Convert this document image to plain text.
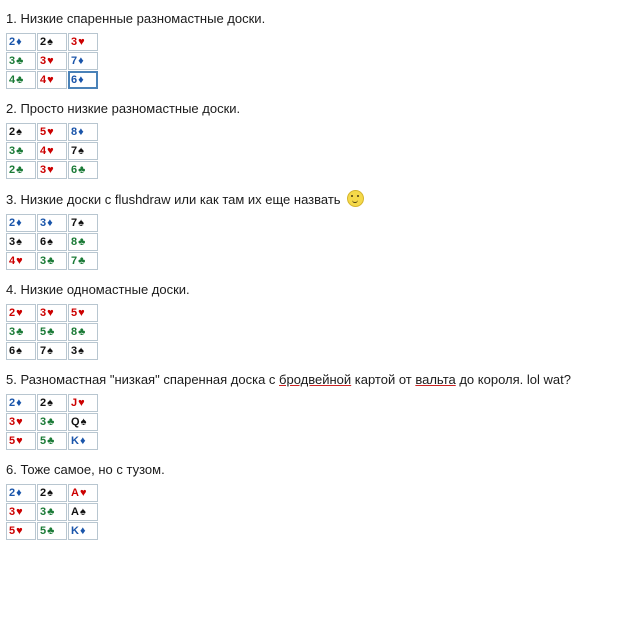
1. Низкие спаренные разномастные доски.
2 ♦ 2 ♠ 3 ♥
3 ♣ 3 ♥ 7 ♦
4 ♣ 4 ♥ 6 ♦
2. Просто низкие разномастные доски.
2 ♠ 5 ♥ 8 ♦
3 ♣ 4 ♥ 7 ♠
2 ♣ 3 ♥ 6 ♣
3. Низкие доски с flushdraw или как там их еще назвать
2 ♦ 3 ♦ 7 ♠
3 ♠ 6 ♠ 8 ♣
4 ♥ 3 ♣ 7 ♣
4. Низкие одномастные доски.
2 ♥ 3 ♥ 5 ♥
3 ♣ 5 ♣ 8 ♣
6 ♠ 7 ♠ 3 ♠
5. Разномастная "низкая" спаренная доска с бродвейной картой от вальта до короля. lol wat?
2 ♦ 2 ♠ J ♥
3 ♥ 3 ♣ Q ♠
5 ♥ 5 ♣ K ♦
6. Тоже самое, но с тузом.
2 ♦ 2 ♠ A ♥
3 ♥ 3 ♣ A ♠
5 ♥ 5 ♣ K ♦
